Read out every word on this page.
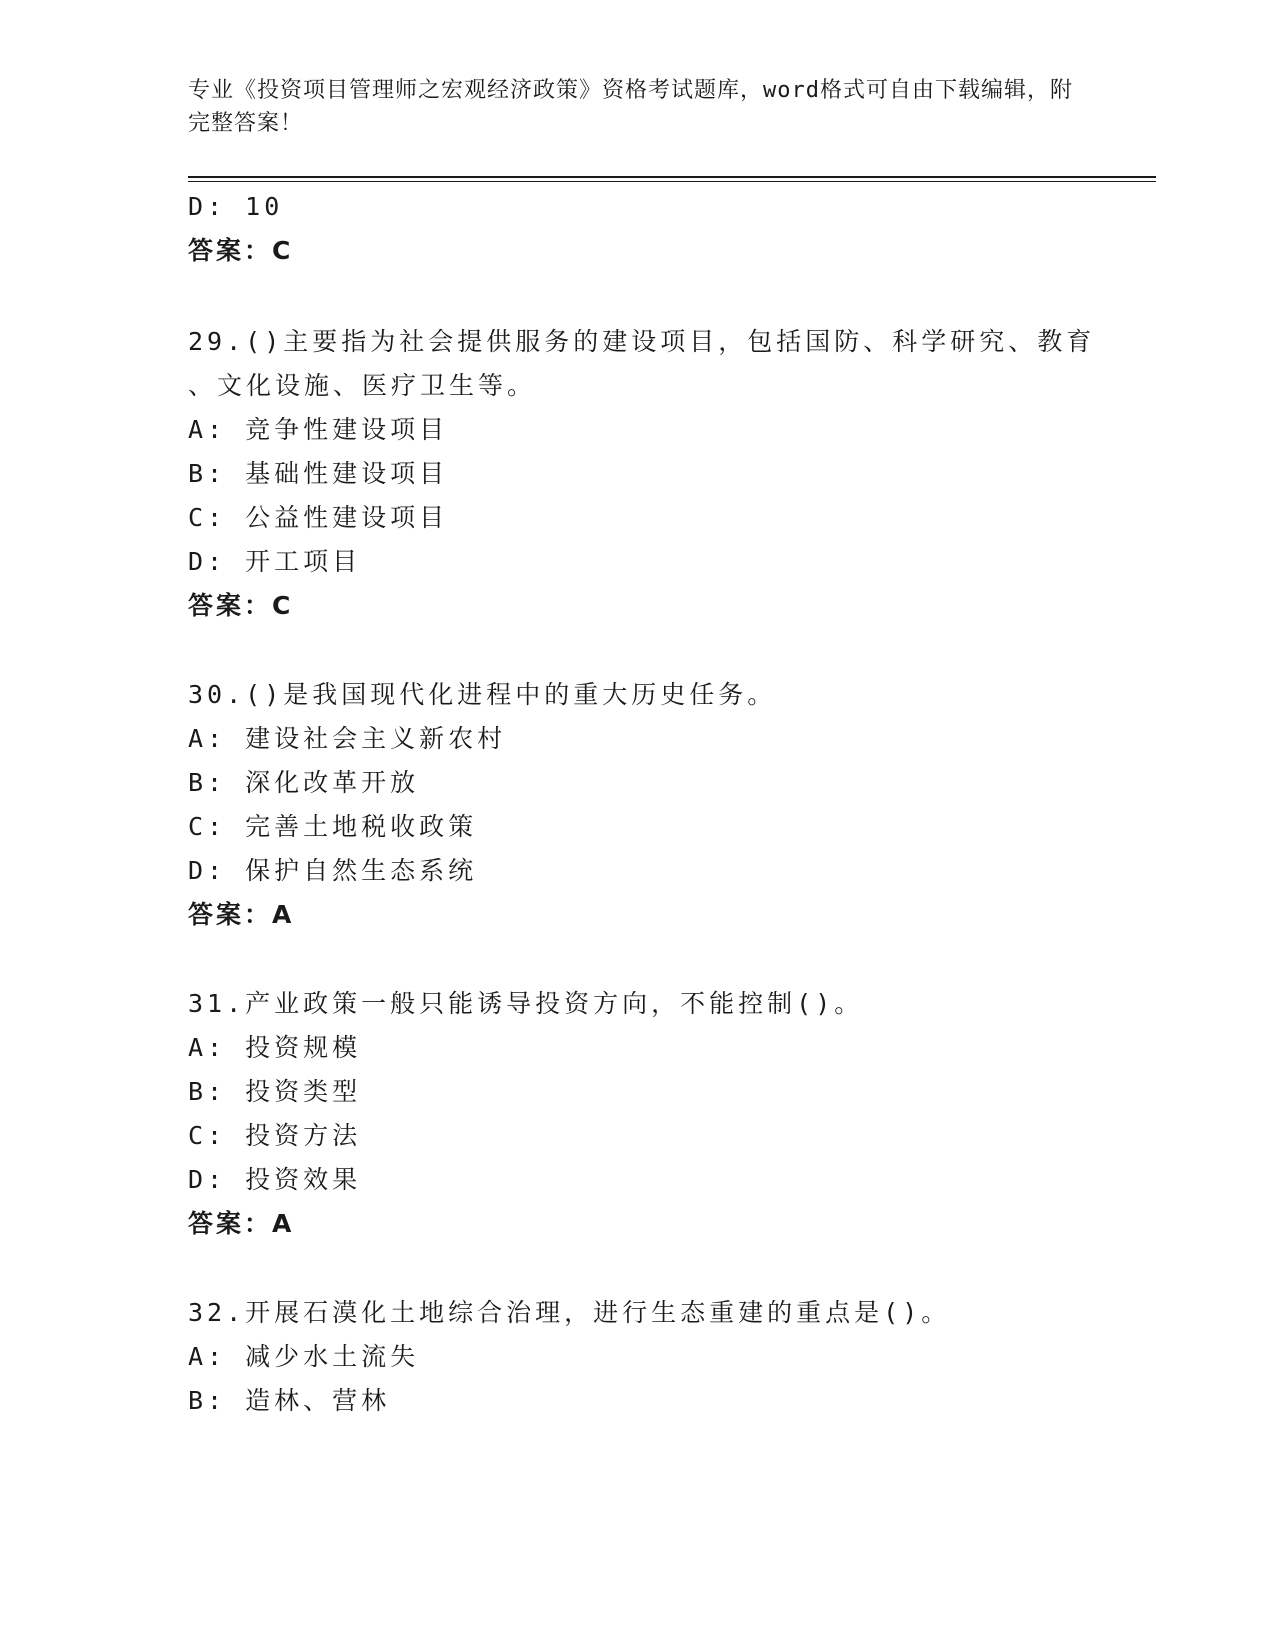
专业《投资项目管理师之宏观经济政策》资格考试题库，word格式可自由下载编辑，附完整答案！
D: 10
答案：C
29.()主要指为社会提供服务的建设项目，包括国防、科学研究、教育
、文化设施、医疗卫生等。
A: 竞争性建设项目
B: 基础性建设项目
C: 公益性建设项目
D: 开工项目
答案：C
30.()是我国现代化进程中的重大历史任务。
A: 建设社会主义新农村
B: 深化改革开放
C: 完善土地税收政策
D: 保护自然生态系统
答案：A
31.产业政策一般只能诱导投资方向，不能控制()。
A: 投资规模
B: 投资类型
C: 投资方法
D: 投资效果
答案：A
32.开展石漠化土地综合治理，进行生态重建的重点是()。
A: 减少水土流失
B: 造林、营林
